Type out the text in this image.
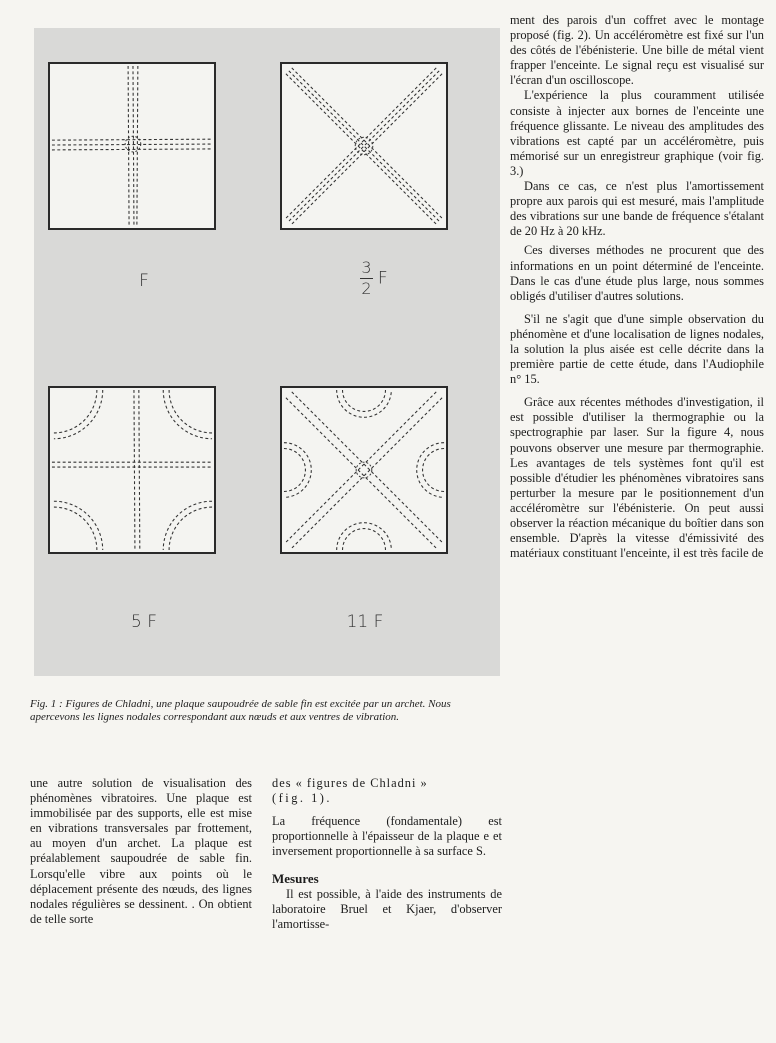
F	$\frac{3}{2}$ F
5 F	11 F
Fig. 1 : Figures de Chladni, une plaque saupoudrée de sable fin est excitée par un archet. Nous apercevons les lignes nodales correspondant aux nœuds et aux ventres de vibration.

une autre solution de visualisation des phénomènes vibratoires. Une plaque est immobilisée par des supports, elle est mise en vibrations transversales par frottement, au moyen d'un archet. La plaque est préalablement saupoudrée de sable fin. Lorsqu'elle vibre aux points où le déplacement présente des nœuds, des lignes nodales régulières se dessinent. . On obtient de telle sorte

des « figures de Chladni »

(fig. 1).

La fréquence (fondamentale) est proportionnelle à l'épaisseur de la plaque e et inversement proportionnelle à sa surface S.

Mesures

Il est possible, à l'aide des instruments de laboratoire Bruel et Kjaer, d'observer l'amortisse-

ment des parois d'un coffret avec le montage proposé (fig. 2). Un accéléromètre est fixé sur l'un des côtés de l'ébénisterie. Une bille de métal vient frapper l'enceinte. Le signal reçu est visualisé sur l'écran d'un oscilloscope.

L'expérience la plus couramment utilisée consiste à injecter aux bornes de l'enceinte une fréquence glissante. Le niveau des amplitudes des vibrations est capté par un accéléromètre, puis mémorisé sur un enregistreur graphique (voir fig. 3.)

Dans ce cas, ce n'est plus l'amortissement propre aux parois qui est mesuré, mais l'amplitude des vibrations sur une bande de fréquence s'étalant de 20 Hz à 20 kHz.

Ces diverses méthodes ne procurent que des informations en un point déterminé de l'enceinte. Dans le cas d'une étude plus large, nous sommes obligés d'utiliser d'autres solutions.

S'il ne s'agit que d'une simple observation du phénomène et d'une localisation de lignes nodales, la solution la plus aisée est celle décrite dans la première partie de cette étude, dans l'Audiophile n° 15.

Grâce aux récentes méthodes d'investigation, il est possible d'utiliser la thermographie ou la spectrographie par laser. Sur la figure 4, nous pouvons observer une mesure par thermographie. Les avantages de tels systèmes font qu'il est possible d'étudier les phénomènes vibratoires sans perturber la mesure par le positionnement d'un accéléromètre sur l'ébénisterie. On peut aussi observer la réaction mécanique du boîtier dans son ensemble. D'après la vitesse d'émissivité des matériaux constituant l'enceinte, il est très facile de
